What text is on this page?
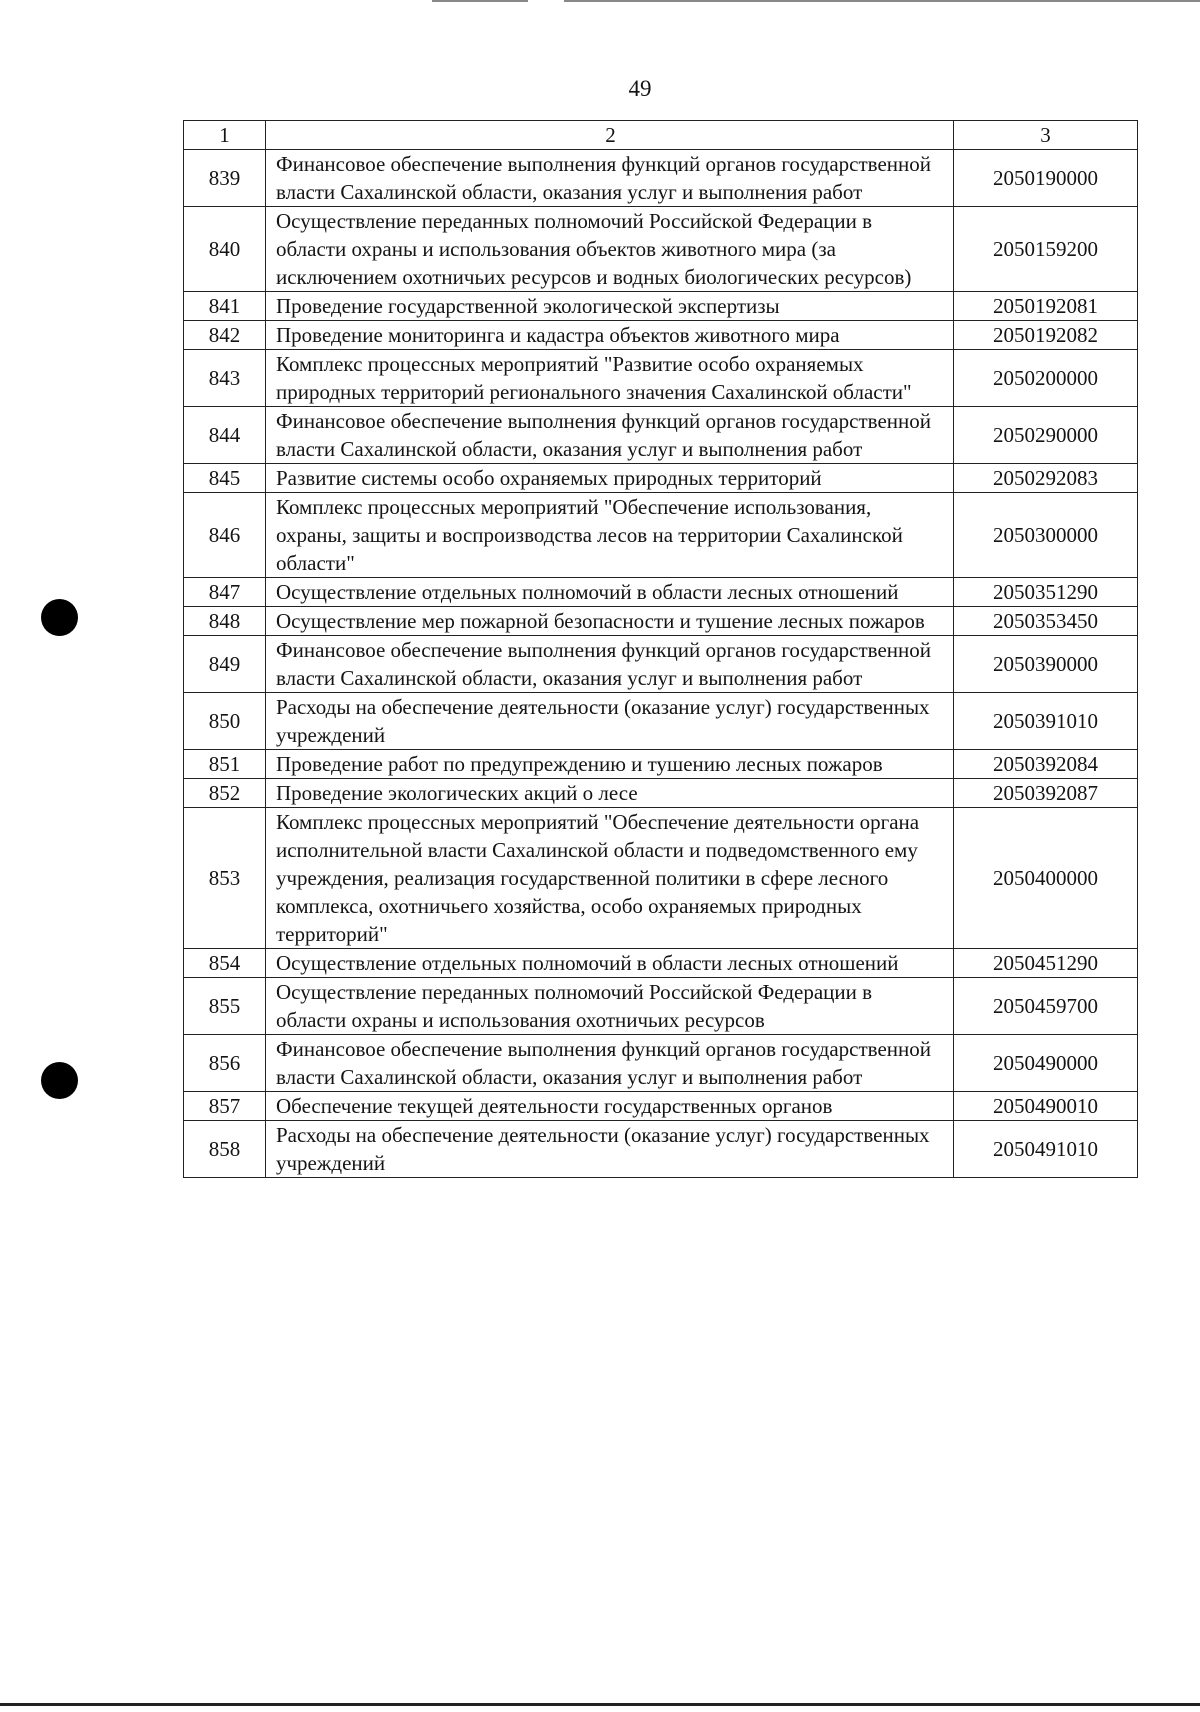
49
1	2	3
839	Финансовое обеспечение выполнения функций органов государственной власти Сахалинской области, оказания услуг и выполнения работ	2050190000
840	Осуществление переданных полномочий Российской Федерации в области охраны и использования объектов животного мира (за исключением охотничьих ресурсов и водных биологических ресурсов)	2050159200
841	Проведение государственной экологической экспертизы	2050192081
842	Проведение мониторинга и кадастра объектов животного мира	2050192082
843	Комплекс процессных мероприятий "Развитие особо охраняемых природных территорий регионального значения Сахалинской области"	2050200000
844	Финансовое обеспечение выполнения функций органов государственной власти Сахалинской области, оказания услуг и выполнения работ	2050290000
845	Развитие системы особо охраняемых природных территорий	2050292083
846	Комплекс процессных мероприятий "Обеспечение использования, охраны, защиты и воспроизводства лесов на территории Сахалинской области"	2050300000
847	Осуществление отдельных полномочий в области лесных отношений	2050351290
848	Осуществление мер пожарной безопасности и тушение лесных пожаров	2050353450
849	Финансовое обеспечение выполнения функций органов государственной власти Сахалинской области, оказания услуг и выполнения работ	2050390000
850	Расходы на обеспечение деятельности (оказание услуг) государственных учреждений	2050391010
851	Проведение работ по предупреждению и тушению лесных пожаров	2050392084
852	Проведение экологических акций о лесе	2050392087
853	Комплекс процессных мероприятий "Обеспечение деятельности органа исполнительной власти Сахалинской области и подведомственного ему учреждения, реализация государственной политики в сфере лесного комплекса, охотничьего хозяйства, особо охраняемых природных территорий"	2050400000
854	Осуществление отдельных полномочий в области лесных отношений	2050451290
855	Осуществление переданных полномочий Российской Федерации в области охраны и использования охотничьих ресурсов	2050459700
856	Финансовое обеспечение выполнения функций органов государственной власти Сахалинской области, оказания услуг и выполнения работ	2050490000
857	Обеспечение текущей деятельности государственных органов	2050490010
858	Расходы на обеспечение деятельности (оказание услуг) государственных учреждений	2050491010
